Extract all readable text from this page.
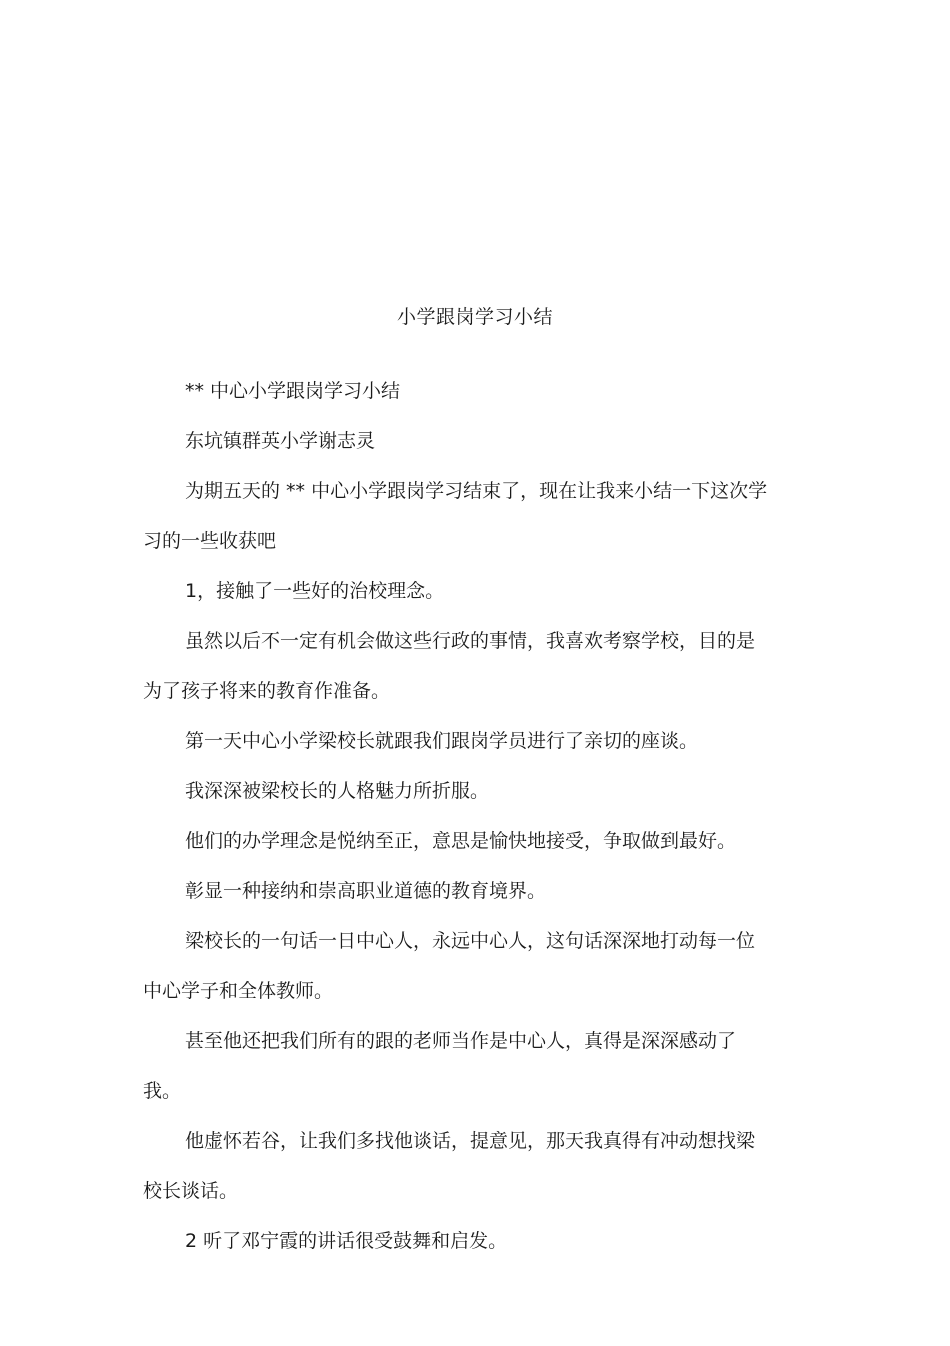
小学跟岗学习小结

** 中心小学跟岗学习小结

东坑镇群英小学谢志灵

为期五天的 ** 中心小学跟岗学习结束了，现在让我来小结一下这次学习的一些收获吧

1，接触了一些好的治校理念。

虽然以后不一定有机会做这些行政的事情，我喜欢考察学校，目的是为了孩子将来的教育作准备。

第一天中心小学梁校长就跟我们跟岗学员进行了亲切的座谈。

我深深被梁校长的人格魅力所折服。

他们的办学理念是悦纳至正，意思是愉快地接受，争取做到最好。

彰显一种接纳和崇高职业道德的教育境界。

梁校长的一句话一日中心人，永远中心人，这句话深深地打动每一位中心学子和全体教师。

甚至他还把我们所有的跟的老师当作是中心人，真得是深深感动了我。

他虚怀若谷，让我们多找他谈话，提意见，那天我真得有冲动想找梁校长谈话。

2 听了邓宁霞的讲话很受鼓舞和启发。
